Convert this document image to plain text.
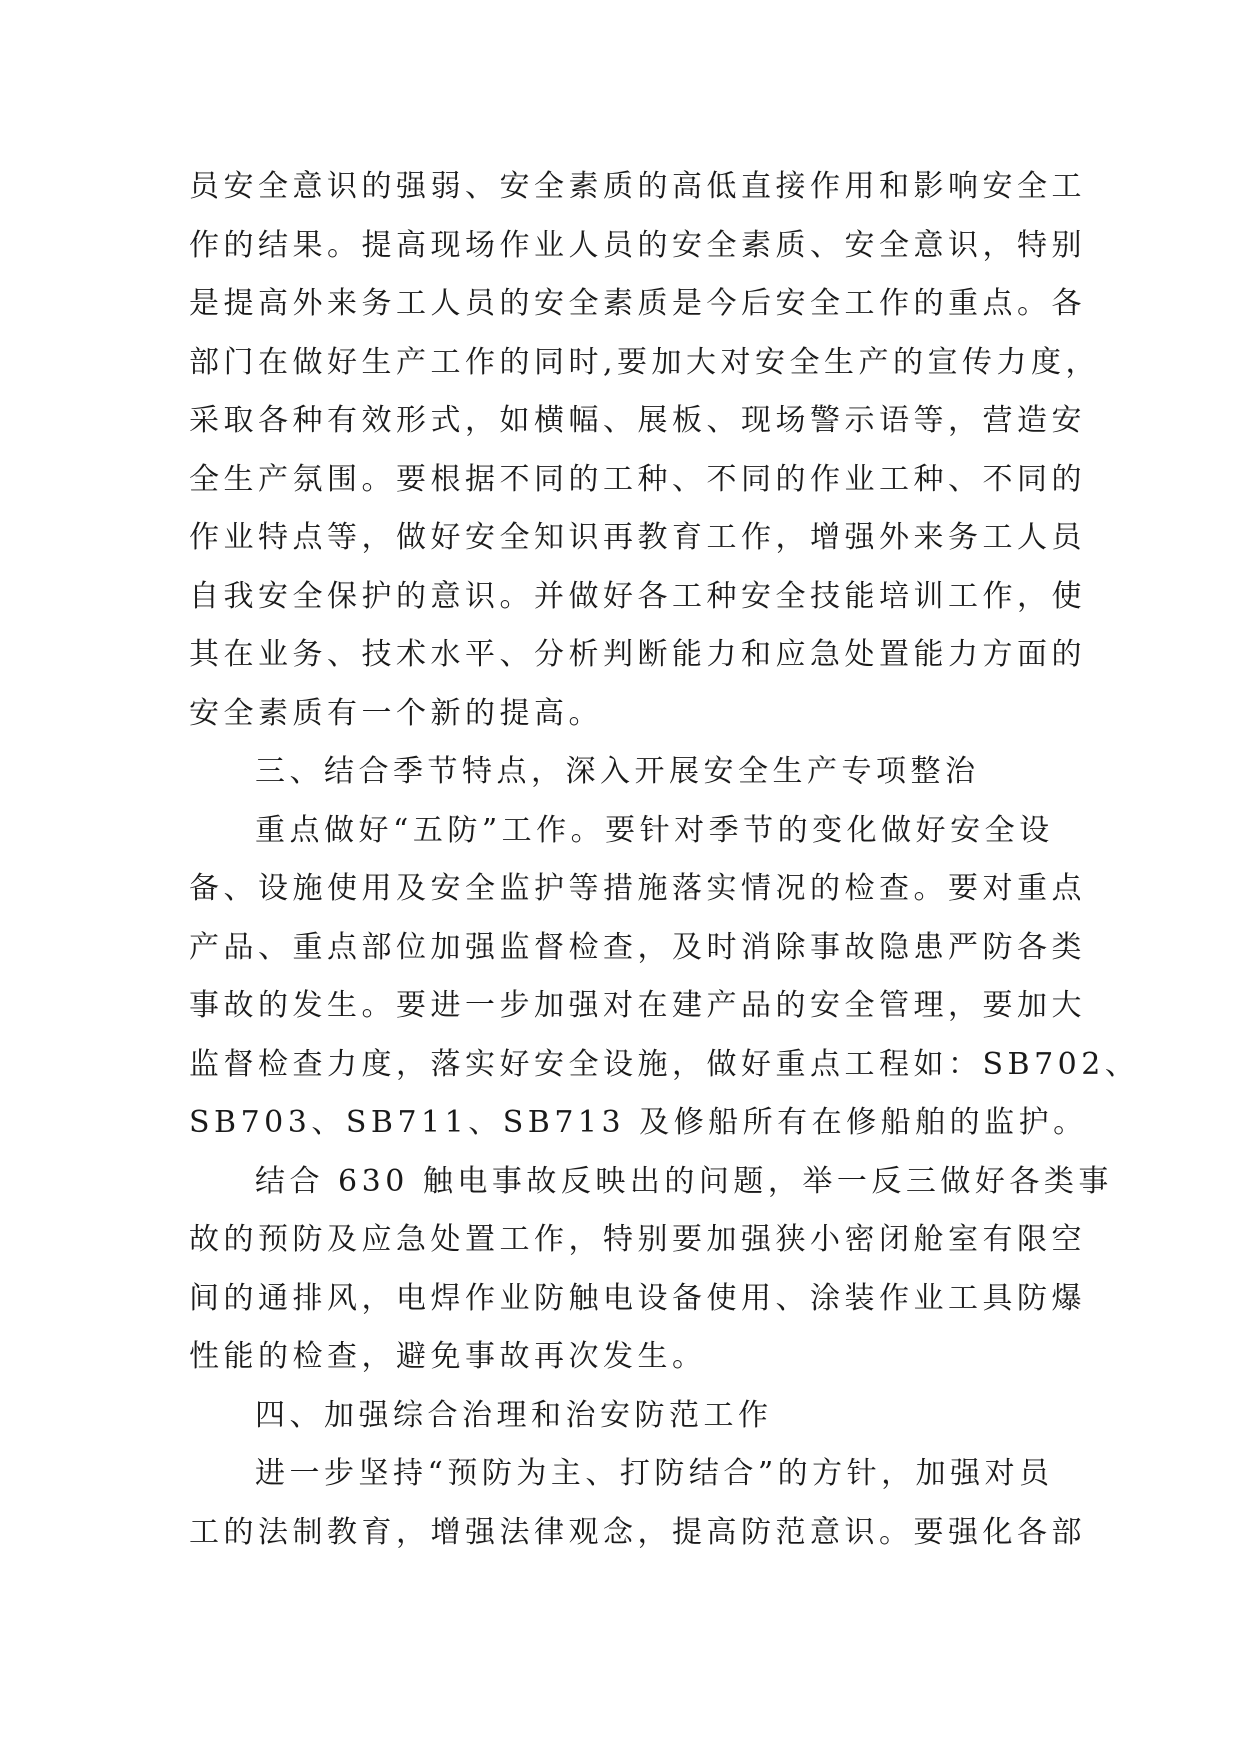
员安全意识的强弱、安全素质的高低直接作用和影响安全工
作的结果。提高现场作业人员的安全素质、安全意识，特别
是提高外来务工人员的安全素质是今后安全工作的重点。各
部门在做好生产工作的同时,要加大对安全生产的宣传力度，
采取各种有效形式，如横幅、展板、现场警示语等，营造安
全生产氛围。要根据不同的工种、不同的作业工种、不同的
作业特点等，做好安全知识再教育工作，增强外来务工人员
自我安全保护的意识。并做好各工种安全技能培训工作，使
其在业务、技术水平、分析判断能力和应急处置能力方面的
安全素质有一个新的提高。
三、结合季节特点，深入开展安全生产专项整治
重点做好“五防”工作。要针对季节的变化做好安全设
备、设施使用及安全监护等措施落实情况的检查。要对重点
产品、重点部位加强监督检查，及时消除事故隐患严防各类
事故的发生。要进一步加强对在建产品的安全管理，要加大
监督检查力度，落实好安全设施，做好重点工程如：SB702、
SB703、SB711、SB713 及修船所有在修船舶的监护。
结合 630 触电事故反映出的问题，举一反三做好各类事
故的预防及应急处置工作，特别要加强狭小密闭舱室有限空
间的通排风，电焊作业防触电设备使用、涂装作业工具防爆
性能的检查，避免事故再次发生。
四、加强综合治理和治安防范工作
进一步坚持“预防为主、打防结合”的方针，加强对员
工的法制教育，增强法律观念，提高防范意识。要强化各部
